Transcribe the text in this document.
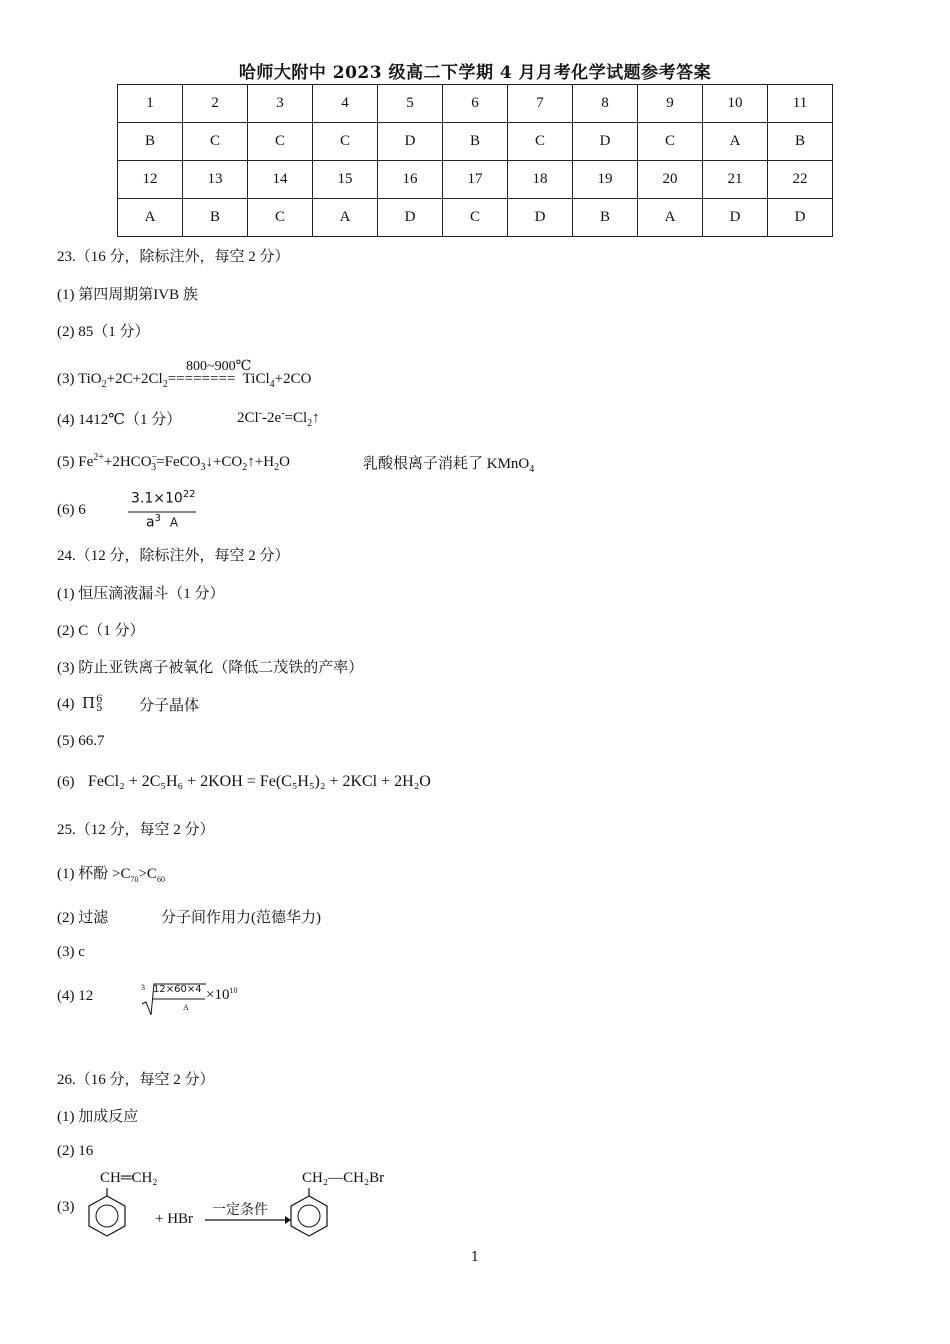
哈师大附中 2023 级高二下学期 4 月月考化学试题参考答案
1	2	3	4	5	6	7	8	9	10	11
B	C	C	C	D	B	C	D	C	A	B
12	13	14	15	16	17	18	19	20	21	22
A	B	C	A	D	C	D	B	A	D	D
23.（16 分，除标注外，每空 2 分）
(1) 第四周期第IVB 族
(2) 85（1 分）
800~900℃
(3) $TiO_2+2C+2Cl_2========$ TiCl$_4$+2CO
(4) 1412℃（1 分）	$2Cl^--2e^-=Cl_2↑$
(5) $Fe^{2+}+2HCO^-_3=FeCO_3↓+CO_2↑+H_2O$	乳酸根离子消耗了 KMnO$_4$
(6) 6
$3.1\times 10^{22}$
$a^3$ A
24.（12 分，除标注外，每空 2 分）
(1) 恒压滴液漏斗（1 分）
(2) C（1 分）
(3) 防止亚铁离子被氧化（降低二茂铁的产率）
(4) Π6
5 分子晶体
(5) 66.7
(6) FeCl₂ + 2C₅H₆ + 2KOH = Fe(C₅H₅)₂ + 2KCl + 2H₂O
25.（12 分，每空 2 分）
(1) 杯酚 $>C_{70}>C_{60}$
(2) 过滤	分子间作用力(范德华力)
(3) c
(4) 12
3 12×60×4
A
$\times 10^{10}$
26.（16 分，每空 2 分）
(1) 加成反应
(2) 16
(3)
CH═CH₂
+ HBr
一定条件
CH₂—CH₂Br
1
